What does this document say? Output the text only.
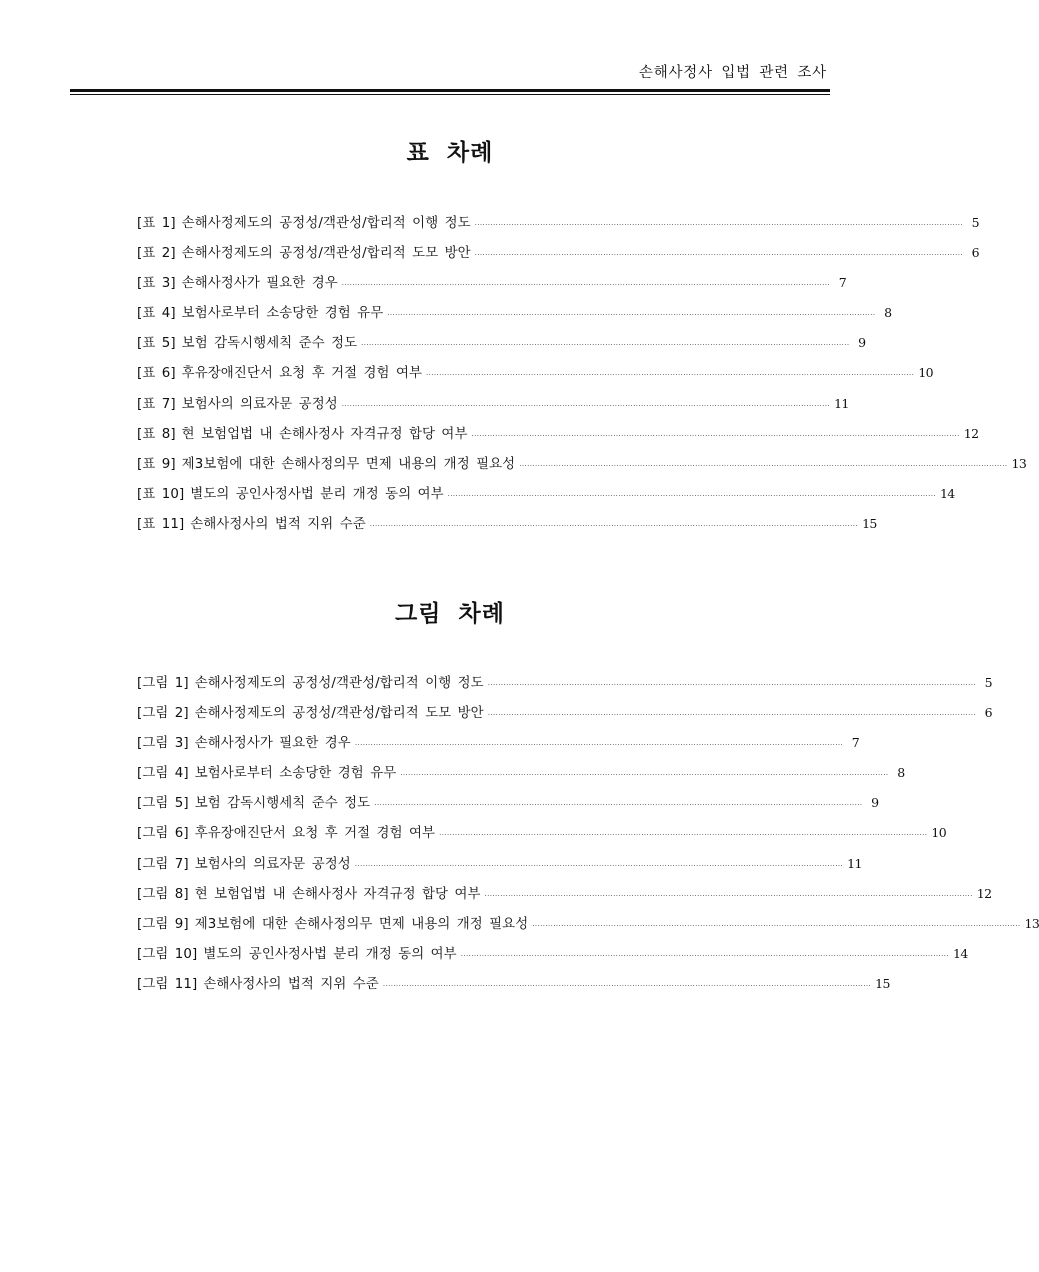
손해사정사 입법 관련 조사
표 차례
[표 1] 손해사정제도의 공정성/객관성/합리적 이행 정도 ·························································································································································································· 5
[표 2] 손해사정제도의 공정성/객관성/합리적 도모 방안 ·························································································································································································· 6
[표 3] 손해사정사가 필요한 경우 ·························································································································································································· 7
[표 4] 보험사로부터 소송당한 경험 유무 ·························································································································································································· 8
[표 5] 보험 감독시행세칙 준수 정도 ·························································································································································································· 9
[표 6] 후유장애진단서 요청 후 거절 경험 여부 ·························································································································································································· 10
[표 7] 보험사의 의료자문 공정성 ·························································································································································································· 11
[표 8] 현 보험업법 내 손해사정사 자격규정 합당 여부 ·························································································································································································· 12
[표 9] 제3보험에 대한 손해사정의무 면제 내용의 개정 필요성 ·························································································································································································· 13
[표 10] 별도의 공인사정사법 분리 개정 동의 여부 ·························································································································································································· 14
[표 11] 손해사정사의 법적 지위 수준 ·························································································································································································· 15
그림 차례
[그림 1] 손해사정제도의 공정성/객관성/합리적 이행 정도 ·························································································································································································· 5
[그림 2] 손해사정제도의 공정성/객관성/합리적 도모 방안 ·························································································································································································· 6
[그림 3] 손해사정사가 필요한 경우 ·························································································································································································· 7
[그림 4] 보험사로부터 소송당한 경험 유무 ·························································································································································································· 8
[그림 5] 보험 감독시행세칙 준수 정도 ·························································································································································································· 9
[그림 6] 후유장애진단서 요청 후 거절 경험 여부 ·························································································································································································· 10
[그림 7] 보험사의 의료자문 공정성 ·························································································································································································· 11
[그림 8] 현 보험업법 내 손해사정사 자격규정 합당 여부 ·························································································································································································· 12
[그림 9] 제3보험에 대한 손해사정의무 면제 내용의 개정 필요성 ·························································································································································································· 13
[그림 10] 별도의 공인사정사법 분리 개정 동의 여부 ·························································································································································································· 14
[그림 11] 손해사정사의 법적 지위 수준 ·························································································································································································· 15
